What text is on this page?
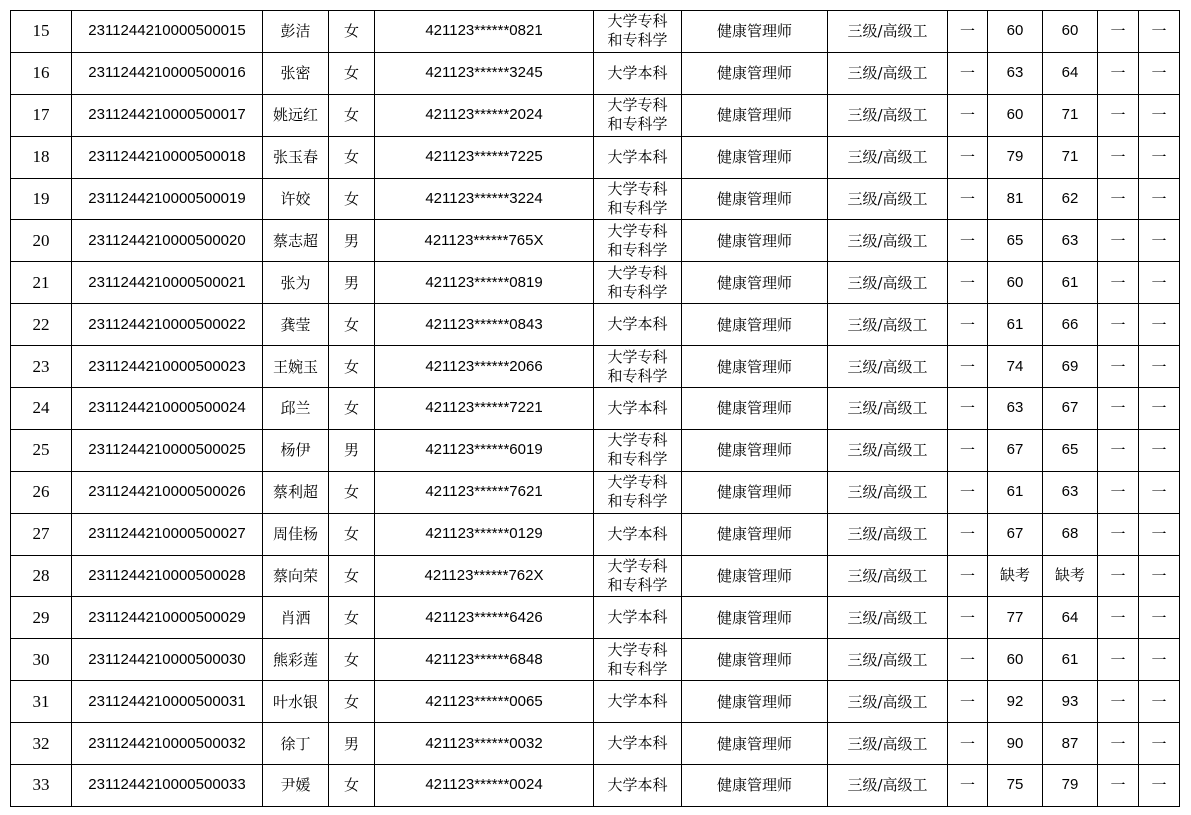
15	2311244210000500015	彭洁	女	421123******0821	大学专科
和专科学	健康管理师	三级/高级工	一	60	60	一	一
16	2311244210000500016	张密	女	421123******3245	大学本科	健康管理师	三级/高级工	一	63	64	一	一
17	2311244210000500017	姚远红	女	421123******2024	大学专科
和专科学	健康管理师	三级/高级工	一	60	71	一	一
18	2311244210000500018	张玉春	女	421123******7225	大学本科	健康管理师	三级/高级工	一	79	71	一	一
19	2311244210000500019	许姣	女	421123******3224	大学专科
和专科学	健康管理师	三级/高级工	一	81	62	一	一
20	2311244210000500020	蔡志超	男	421123******765X	大学专科
和专科学	健康管理师	三级/高级工	一	65	63	一	一
21	2311244210000500021	张为	男	421123******0819	大学专科
和专科学	健康管理师	三级/高级工	一	60	61	一	一
22	2311244210000500022	龚莹	女	421123******0843	大学本科	健康管理师	三级/高级工	一	61	66	一	一
23	2311244210000500023	王婉玉	女	421123******2066	大学专科
和专科学	健康管理师	三级/高级工	一	74	69	一	一
24	2311244210000500024	邱兰	女	421123******7221	大学本科	健康管理师	三级/高级工	一	63	67	一	一
25	2311244210000500025	杨伊	男	421123******6019	大学专科
和专科学	健康管理师	三级/高级工	一	67	65	一	一
26	2311244210000500026	蔡利超	女	421123******7621	大学专科
和专科学	健康管理师	三级/高级工	一	61	63	一	一
27	2311244210000500027	周佳杨	女	421123******0129	大学本科	健康管理师	三级/高级工	一	67	68	一	一
28	2311244210000500028	蔡向荣	女	421123******762X	大学专科
和专科学	健康管理师	三级/高级工	一	缺考	缺考	一	一
29	2311244210000500029	肖洒	女	421123******6426	大学本科	健康管理师	三级/高级工	一	77	64	一	一
30	2311244210000500030	熊彩莲	女	421123******6848	大学专科
和专科学	健康管理师	三级/高级工	一	60	61	一	一
31	2311244210000500031	叶水银	女	421123******0065	大学本科	健康管理师	三级/高级工	一	92	93	一	一
32	2311244210000500032	徐丁	男	421123******0032	大学本科	健康管理师	三级/高级工	一	90	87	一	一
33	2311244210000500033	尹媛	女	421123******0024	大学本科	健康管理师	三级/高级工	一	75	79	一	一
